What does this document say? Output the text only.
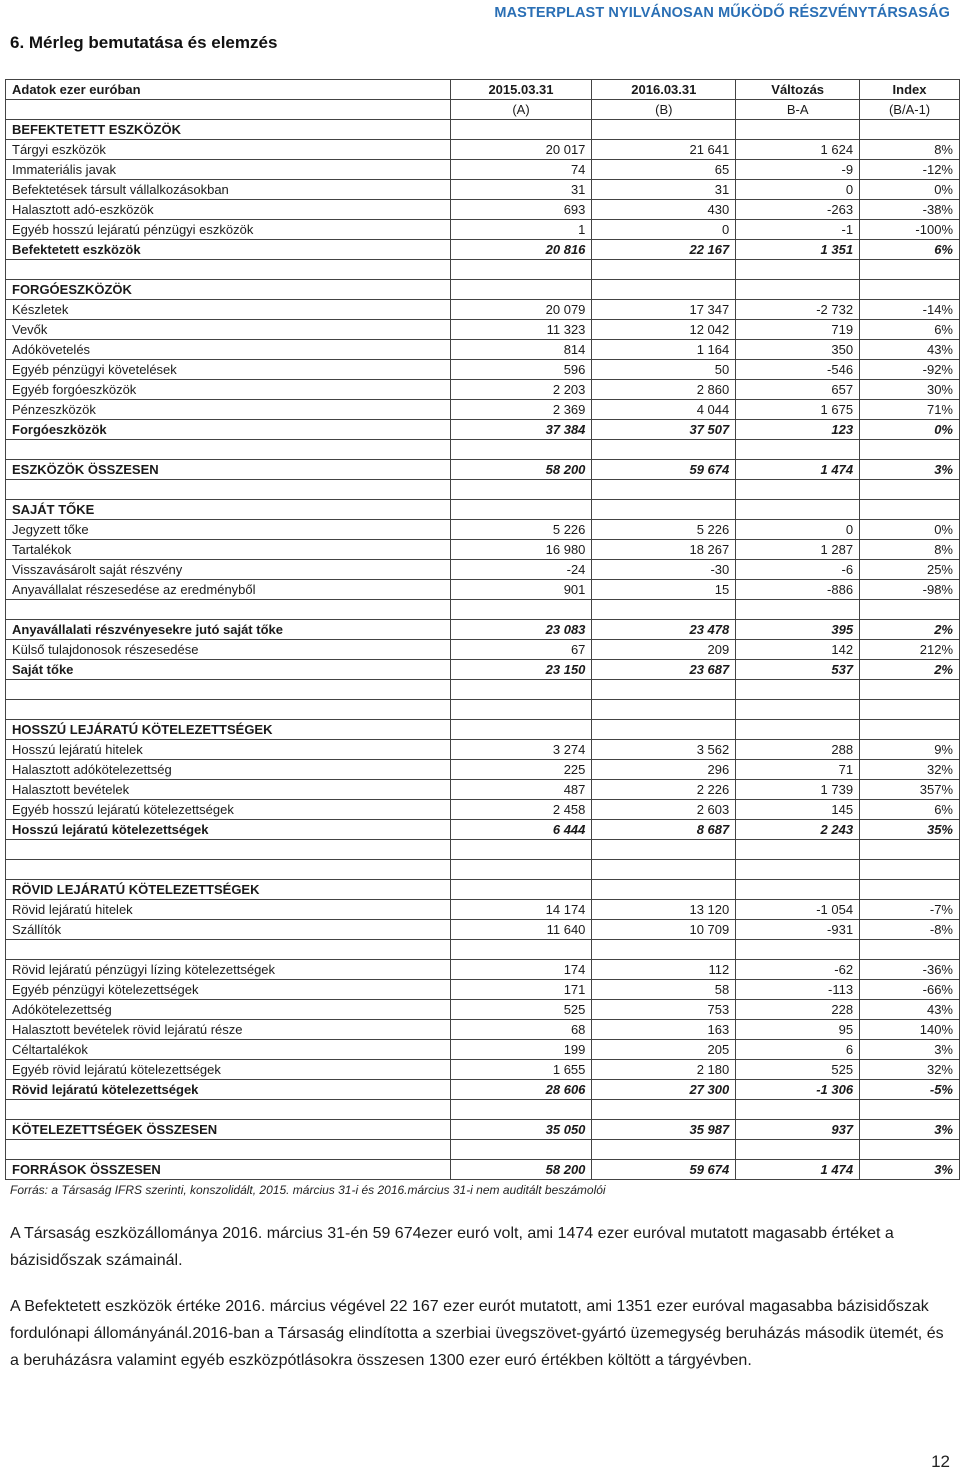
MASTERPLAST NYILVÁNOSAN MŰKÖDŐ RÉSZVÉNYTÁRSASÁG
6. Mérleg bemutatása és elemzés
Adatok ezer euróban	2015.03.31	2016.03.31	Változás	Index
	(A)	(B)	B-A	(B/A-1)
BEFEKTETETT ESZKÖZÖK				
Tárgyi eszközök	20 017	21 641	1 624	8%
Immateriális javak	74	65	-9	-12%
Befektetések társult vállalkozásokban	31	31	0	0%
Halasztott adó-eszközök	693	430	-263	-38%
Egyéb hosszú lejáratú pénzügyi eszközök	1	0	-1	-100%
Befektetett eszközök	20 816	22 167	1 351	6%

FORGÓESZKÖZÖK				
Készletek	20 079	17 347	-2 732	-14%
Vevők	11 323	12 042	719	6%
Adókövetelés	814	1 164	350	43%
Egyéb pénzügyi követelések	596	50	-546	-92%
Egyéb forgóeszközök	2 203	2 860	657	30%
Pénzeszközök	2 369	4 044	1 675	71%
Forgóeszközök	37 384	37 507	123	0%

ESZKÖZÖK ÖSSZESEN	58 200	59 674	1 474	3%

SAJÁT TŐKE				
Jegyzett tőke	5 226	5 226	0	0%
Tartalékok	16 980	18 267	1 287	8%
Visszavásárolt saját részvény	-24	-30	-6	25%
Anyavállalat részesedése az eredményből	901	15	-886	-98%

Anyavállalati részvényesekre jutó saját tőke	23 083	23 478	395	2%
Külső tulajdonosok részesedése	67	209	142	212%
Saját tőke	23 150	23 687	537	2%

HOSSZÚ LEJÁRATÚ KÖTELEZETTSÉGEK				
Hosszú lejáratú hitelek	3 274	3 562	288	9%
Halasztott adókötelezettség	225	296	71	32%
Halasztott bevételek	487	2 226	1 739	357%
Egyéb hosszú lejáratú kötelezettségek	2 458	2 603	145	6%
Hosszú lejáratú kötelezettségek	6 444	8 687	2 243	35%

RÖVID LEJÁRATÚ KÖTELEZETTSÉGEK				
Rövid lejáratú hitelek	14 174	13 120	-1 054	-7%
Szállítók	11 640	10 709	-931	-8%

Rövid lejáratú pénzügyi lízing kötelezettségek	174	112	-62	-36%
Egyéb pénzügyi kötelezettségek	171	58	-113	-66%
Adókötelezettség	525	753	228	43%
Halasztott bevételek rövid lejáratú része	68	163	95	140%
Céltartalékok	199	205	6	3%
Egyéb rövid lejáratú kötelezettségek	1 655	2 180	525	32%
Rövid lejáratú kötelezettségek	28 606	27 300	-1 306	-5%

KÖTELEZETTSÉGEK ÖSSZESEN	35 050	35 987	937	3%

FORRÁSOK ÖSSZESEN	58 200	59 674	1 474	3%
Forrás: a Társaság IFRS szerinti, konszolidált, 2015. március 31-i és 2016.március 31-i nem auditált beszámolói
A Társaság eszközállománya 2016. március 31-én 59 674ezer euró volt, ami 1474 ezer euróval mutatott magasabb értéket a bázisidőszak számainál.
A Befektetett eszközök értéke 2016. március végével 22 167 ezer eurót mutatott, ami 1351 ezer euróval magasabba bázisidőszak fordulónapi állományánál.2016-ban a Társaság elindította a szerbiai üvegszövet-gyártó üzemegység beruházás második ütemét, és a beruházásra valamint egyéb eszközpótlásokra összesen 1300 ezer euró értékben költött a tárgyévben.
12
